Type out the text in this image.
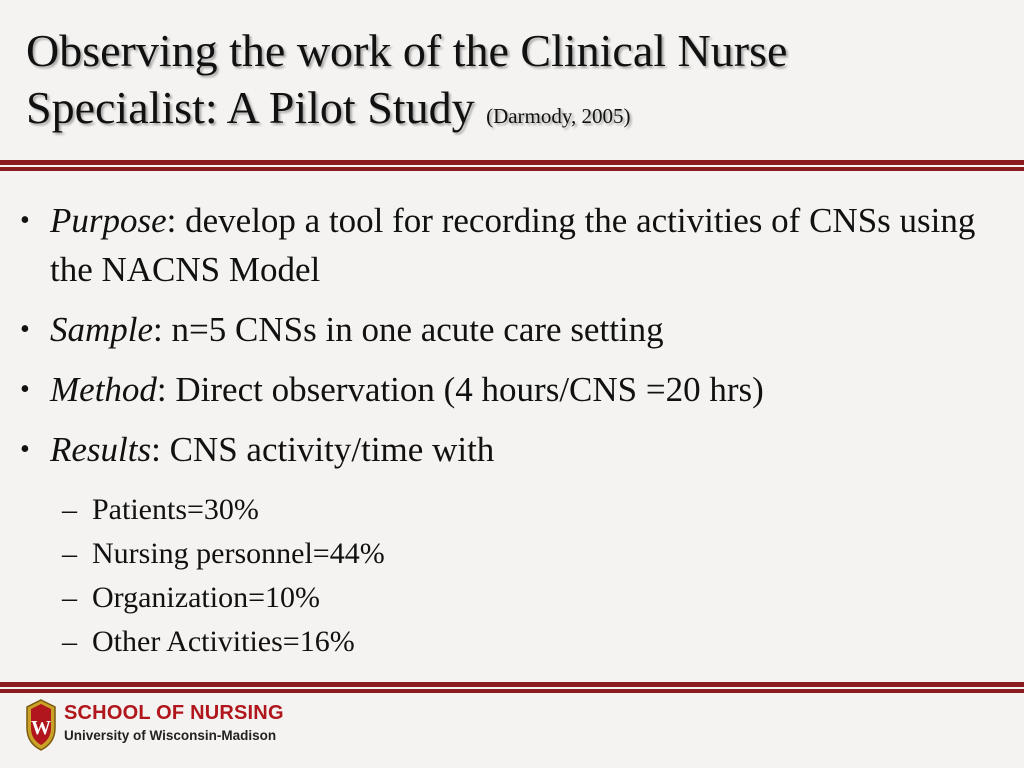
Observing the work of the Clinical Nurse
Specialist: A Pilot Study (Darmody, 2005)
• Purpose: develop a tool for recording the activities of CNSs using the NACNS Model
• Sample: n=5 CNSs in one acute care setting
• Method: Direct observation (4 hours/CNS =20 hrs)
• Results: CNS activity/time with
– Patients=30%
– Nursing personnel=44%
– Organization=10%
– Other Activities=16%
W
SCHOOL OF NURSING
University of Wisconsin-Madison
